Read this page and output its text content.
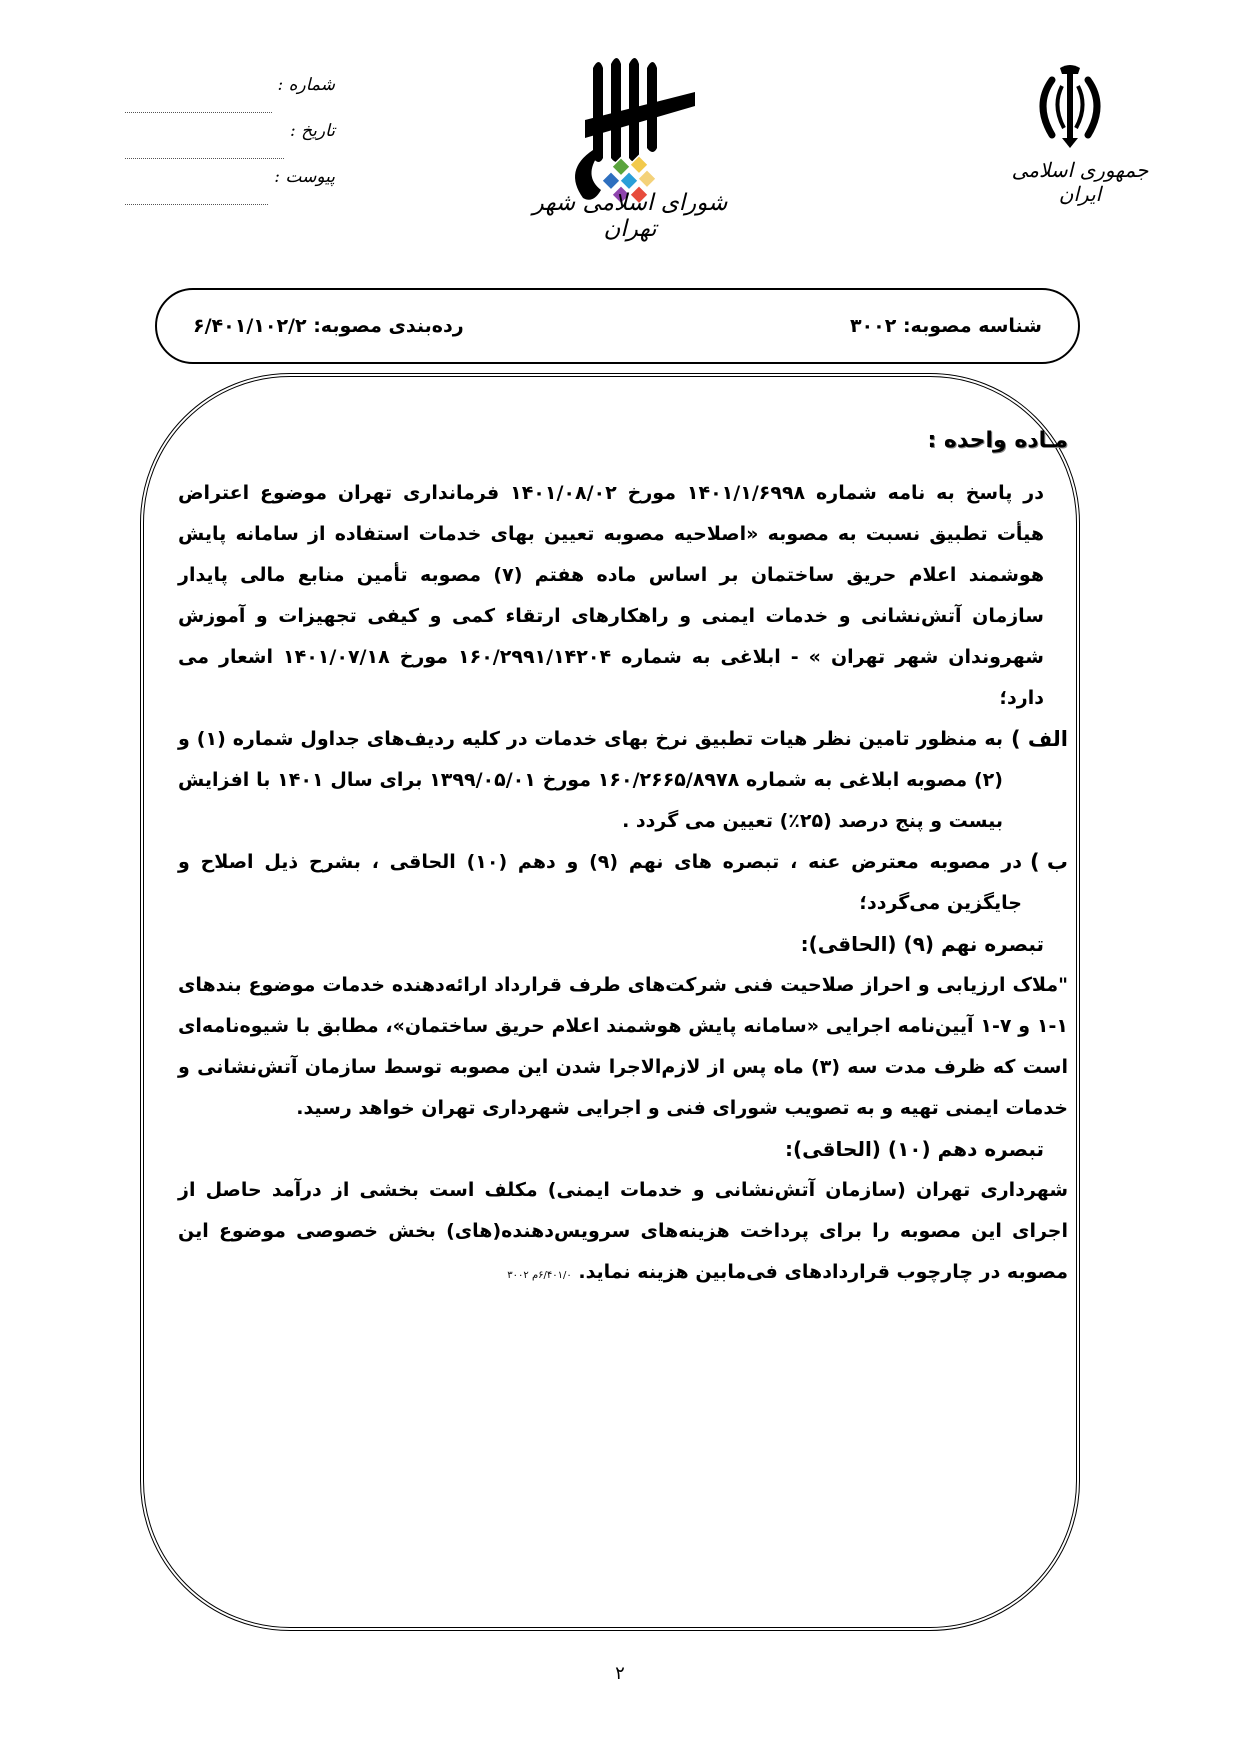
شماره :
تاریخ :
پیوست :
شورای اسلامی شهر تهران
جمهوری اسلامی ایران
شناسه مصوبه: ۳۰۰۲
رده‌بندی مصوبه: ۶/۴۰۱/۱۰۲/۲

مـاده واحده :

در پاسخ به نامه شماره ۱۴۰۱/۱/۶۹۹۸ مورخ ۱۴۰۱/۰۸/۰۲ فرمانداری تهران موضوع اعتراض هیأت تطبیق نسبت به مصوبه «اصلاحیه مصوبه تعیین بهای خدمات استفاده از سامانه پایش هوشمند اعلام حریق ساختمان بر اساس ماده هفتم (۷) مصوبه تأمین منابع مالی پایدار سازمان آتش‌نشانی و خدمات ایمنی و راهکارهای ارتقاء کمی و کیفی تجهیزات و آموزش شهروندان شهر تهران » - ابلاغی به شماره ۱۶۰/۲۹۹۱/۱۴۲۰۴ مورخ ۱۴۰۱/۰۷/۱۸ اشعار می دارد؛

الف )
به منظور تامین نظر هیات تطبیق نرخ بهای خدمات در کلیه ردیف‌های جداول شماره (۱) و (۲) مصوبه ابلاغی به شماره ۱۶۰/۲۶۶۵/۸۹۷۸ مورخ ۱۳۹۹/۰۵/۰۱ برای سال ۱۴۰۱ با افزایش بیست و پنج درصد (۲۵٪) تعیین می گردد .
ب )
در مصوبه معترض عنه ، تبصره های نهم (۹) و دهم (۱۰) الحاقی ، بشرح ذیل اصلاح و جایگزین می‌گردد؛

تبصره نهم (۹) (الحاقی):

"ملاک ارزیابی و احراز صلاحیت فنی شرکت‌های طرف قرارداد ارائه‌دهنده خدمات موضوع بندهای ۱-۱ و ۷-۱ آیین‌نامه اجرایی «سامانه پایش هوشمند اعلام حریق ساختمان»، مطابق با شیوه‌نامه‌ای است که ظرف مدت سه (۳) ماه پس از لازم‌الاجرا شدن این مصوبه توسط سازمان آتش‌نشانی و خدمات ایمنی تهیه و به تصویب شورای فنی و اجرایی شهرداری تهران خواهد رسید.

تبصره دهم (۱۰) (الحاقی):

شهرداری تهران (سازمان آتش‌نشانی و خدمات ایمنی) مکلف است بخشی از درآمد حاصل از اجرای این مصوبه را برای پرداخت هزینه‌های سرویس‌دهنده(های) بخش خصوصی موضوع این مصوبه در چارچوب قراردادهای فی‌مابین هزینه نماید. ۶/۴۰۱/۰م ۳۰۰۲

۲
